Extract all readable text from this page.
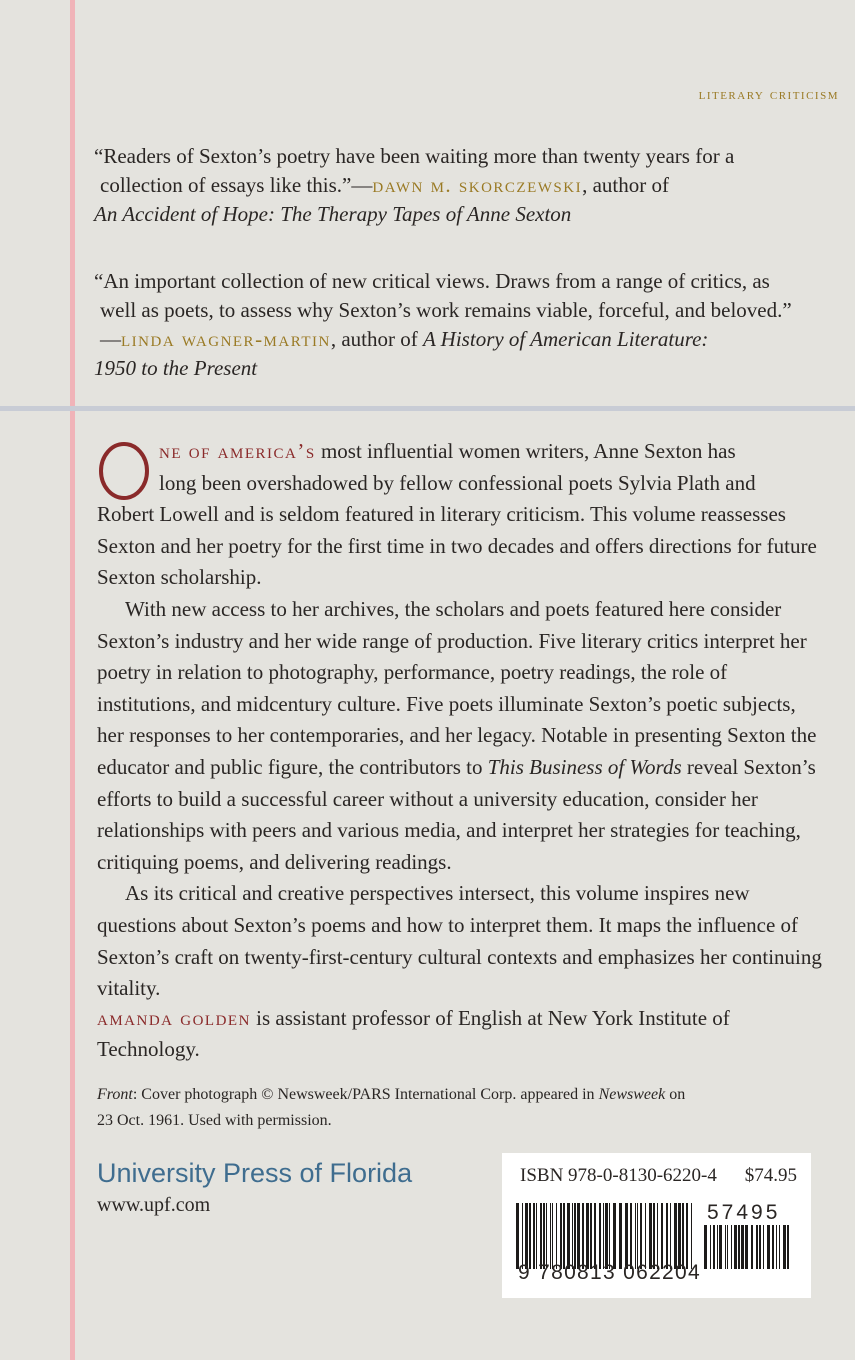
literary criticism
“Readers of Sexton’s poetry have been waiting more than twenty years for a
collection of essays like this.”—dawn m. skorczewski, author of
An Accident of Hope: The Therapy Tapes of Anne Sexton
“An important collection of new critical views. Draws from a range of critics, as
well as poets, to assess why Sexton’s work remains viable, forceful, and beloved.” —linda wagner-martin, author of A History of American Literature:
1950 to the Present
O
ne of america’s most influential women writers, Anne Sexton has
long been overshadowed by fellow confessional poets Sylvia Plath and

Robert Lowell and is seldom featured in literary criticism. This volume reassesses Sexton and her poetry for the first time in two decades and offers directions for future Sexton scholarship.

With new access to her archives, the scholars and poets featured here consider Sexton’s industry and her wide range of production. Five literary critics interpret her poetry in relation to photography, performance, poetry readings, the role of institutions, and midcentury culture. Five poets illuminate Sexton’s poetic subjects, her responses to her contemporaries, and her legacy. Notable in presenting Sexton the educator and public figure, the contributors to This Business of Words reveal Sexton’s efforts to build a successful career without a university education, consider her relationships with peers and various media, and interpret her strategies for teaching, critiquing poems, and delivering readings.

As its critical and creative perspectives intersect, this volume inspires new questions about Sexton’s poems and how to interpret them. It maps the influence of Sexton’s craft on twenty-first-century cultural contexts and emphasizes her continuing vitality.

amanda golden is assistant professor of English at New York Institute of Technology.
Front: Cover photograph © Newsweek/PARS International Corp. appeared in Newsweek on 23 Oct. 1961. Used with permission.
University Press of Florida
www.upf.com
ISBN 978-0-8130-6220-4 $74.95
57495
9 780813 062204
